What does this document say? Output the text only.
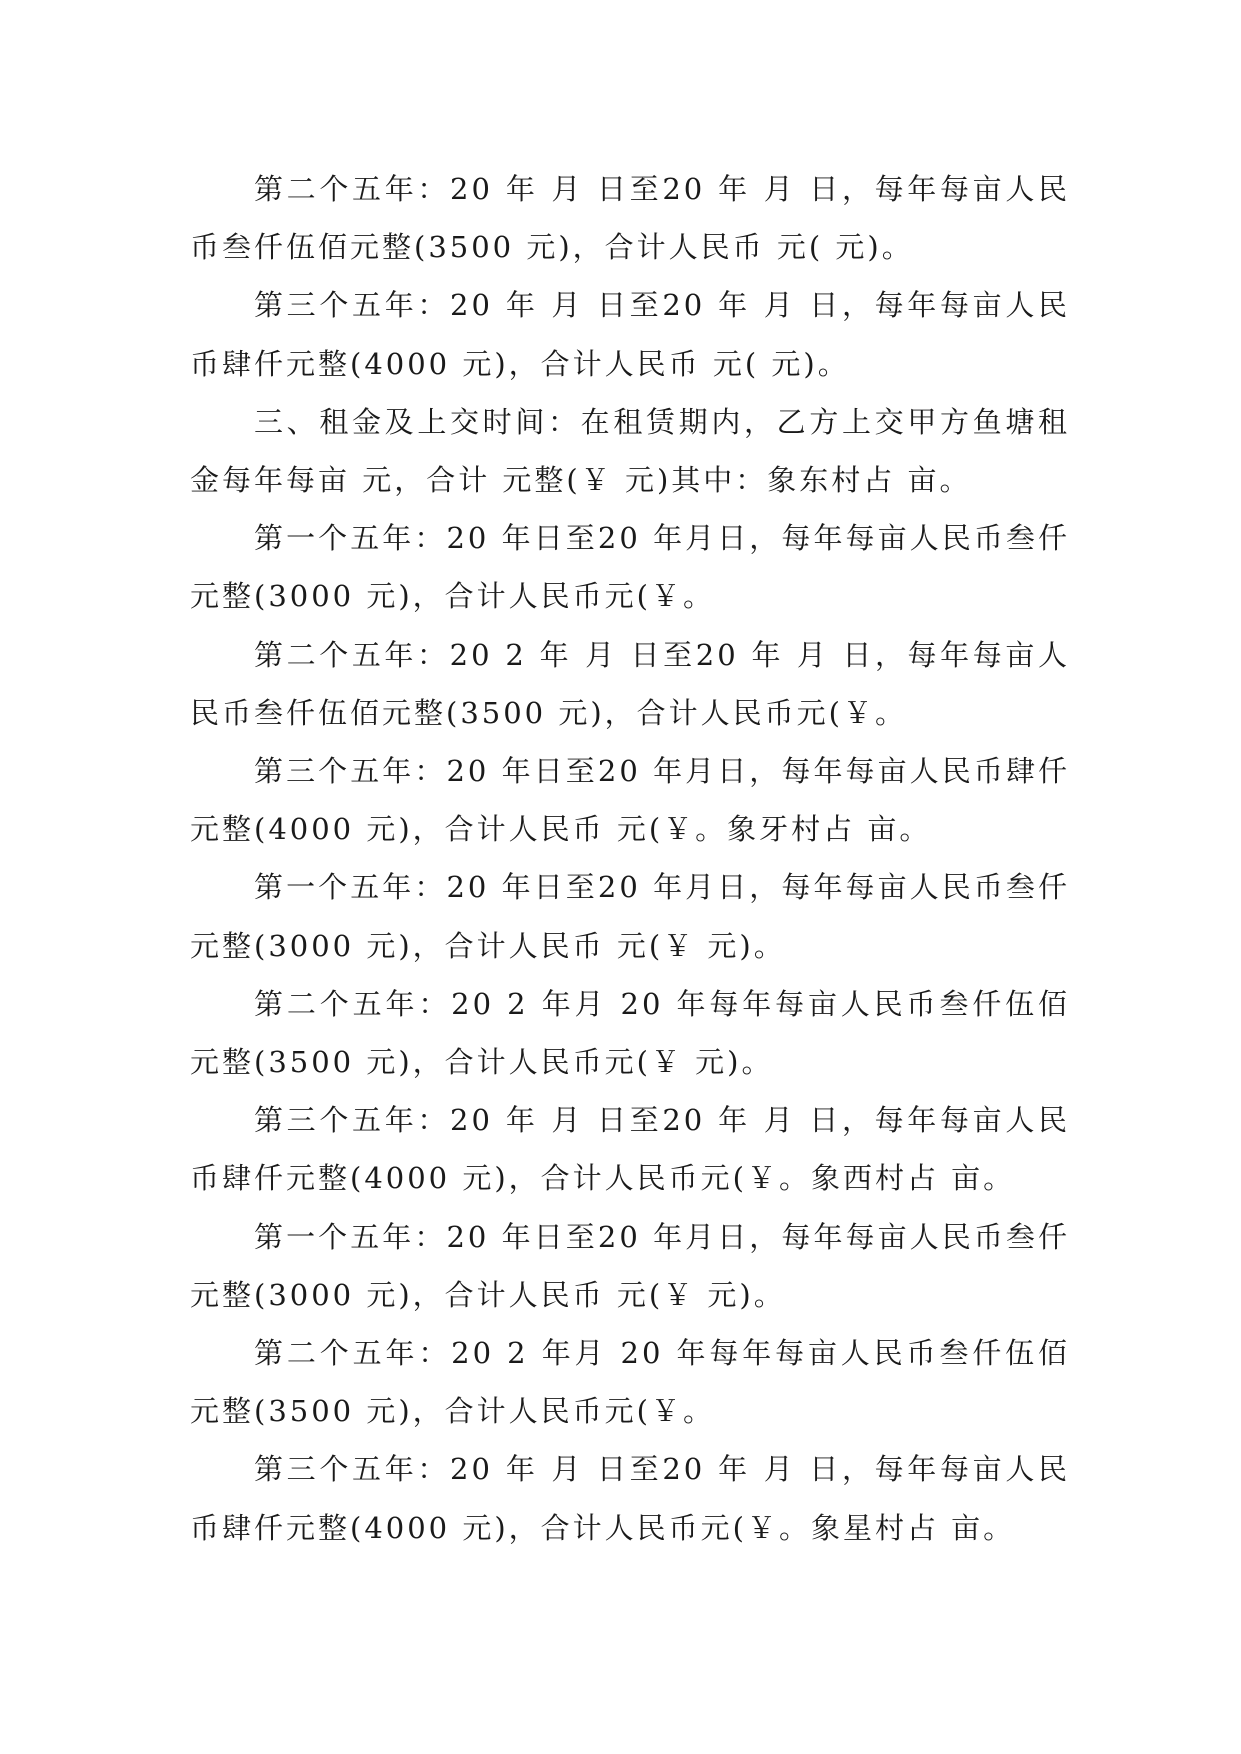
第二个五年：20 年 月 日至20 年 月 日，每年每亩人民币叁仟伍佰元整(3500 元)，合计人民币 元( 元)。

第三个五年：20 年 月 日至20 年 月 日，每年每亩人民币肆仟元整(4000 元)，合计人民币 元( 元)。

三、租金及上交时间：在租赁期内，乙方上交甲方鱼塘租金每年每亩 元，合计 元整(￥ 元)其中：象东村占 亩。

第一个五年：20 年日至20 年月日，每年每亩人民币叁仟元整(3000 元)，合计人民币元(￥。

第二个五年：20 2 年 月 日至20 年 月 日，每年每亩人民币叁仟伍佰元整(3500 元)，合计人民币元(￥。

第三个五年：20 年日至20 年月日，每年每亩人民币肆仟元整(4000 元)，合计人民币 元(￥。象牙村占 亩。

第一个五年：20 年日至20 年月日，每年每亩人民币叁仟元整(3000 元)，合计人民币 元(￥ 元)。

第二个五年：20 2 年月 20 年每年每亩人民币叁仟伍佰元整(3500 元)，合计人民币元(￥ 元)。

第三个五年：20 年 月 日至20 年 月 日，每年每亩人民币肆仟元整(4000 元)，合计人民币元(￥。象西村占 亩。

第一个五年：20 年日至20 年月日，每年每亩人民币叁仟元整(3000 元)，合计人民币 元(￥ 元)。

第二个五年：20 2 年月 20 年每年每亩人民币叁仟伍佰元整(3500 元)，合计人民币元(￥。

第三个五年：20 年 月 日至20 年 月 日，每年每亩人民币肆仟元整(4000 元)，合计人民币元(￥。象星村占 亩。
